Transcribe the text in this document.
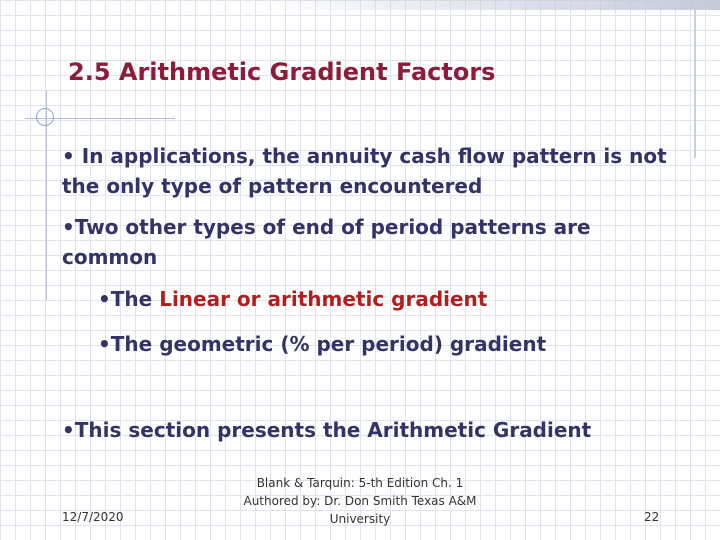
2.5 Arithmetic Gradient Factors
• In applications, the annuity cash flow pattern is not the only type of pattern encountered
•Two other types of end of period patterns are common
•The Linear or arithmetic gradient
•The geometric (% per period) gradient
•This section presents the Arithmetic Gradient
12/7/2020
Blank & Tarquin: 5-th Edition Ch. 1
Authored by: Dr. Don Smith Texas A&M
University	22
